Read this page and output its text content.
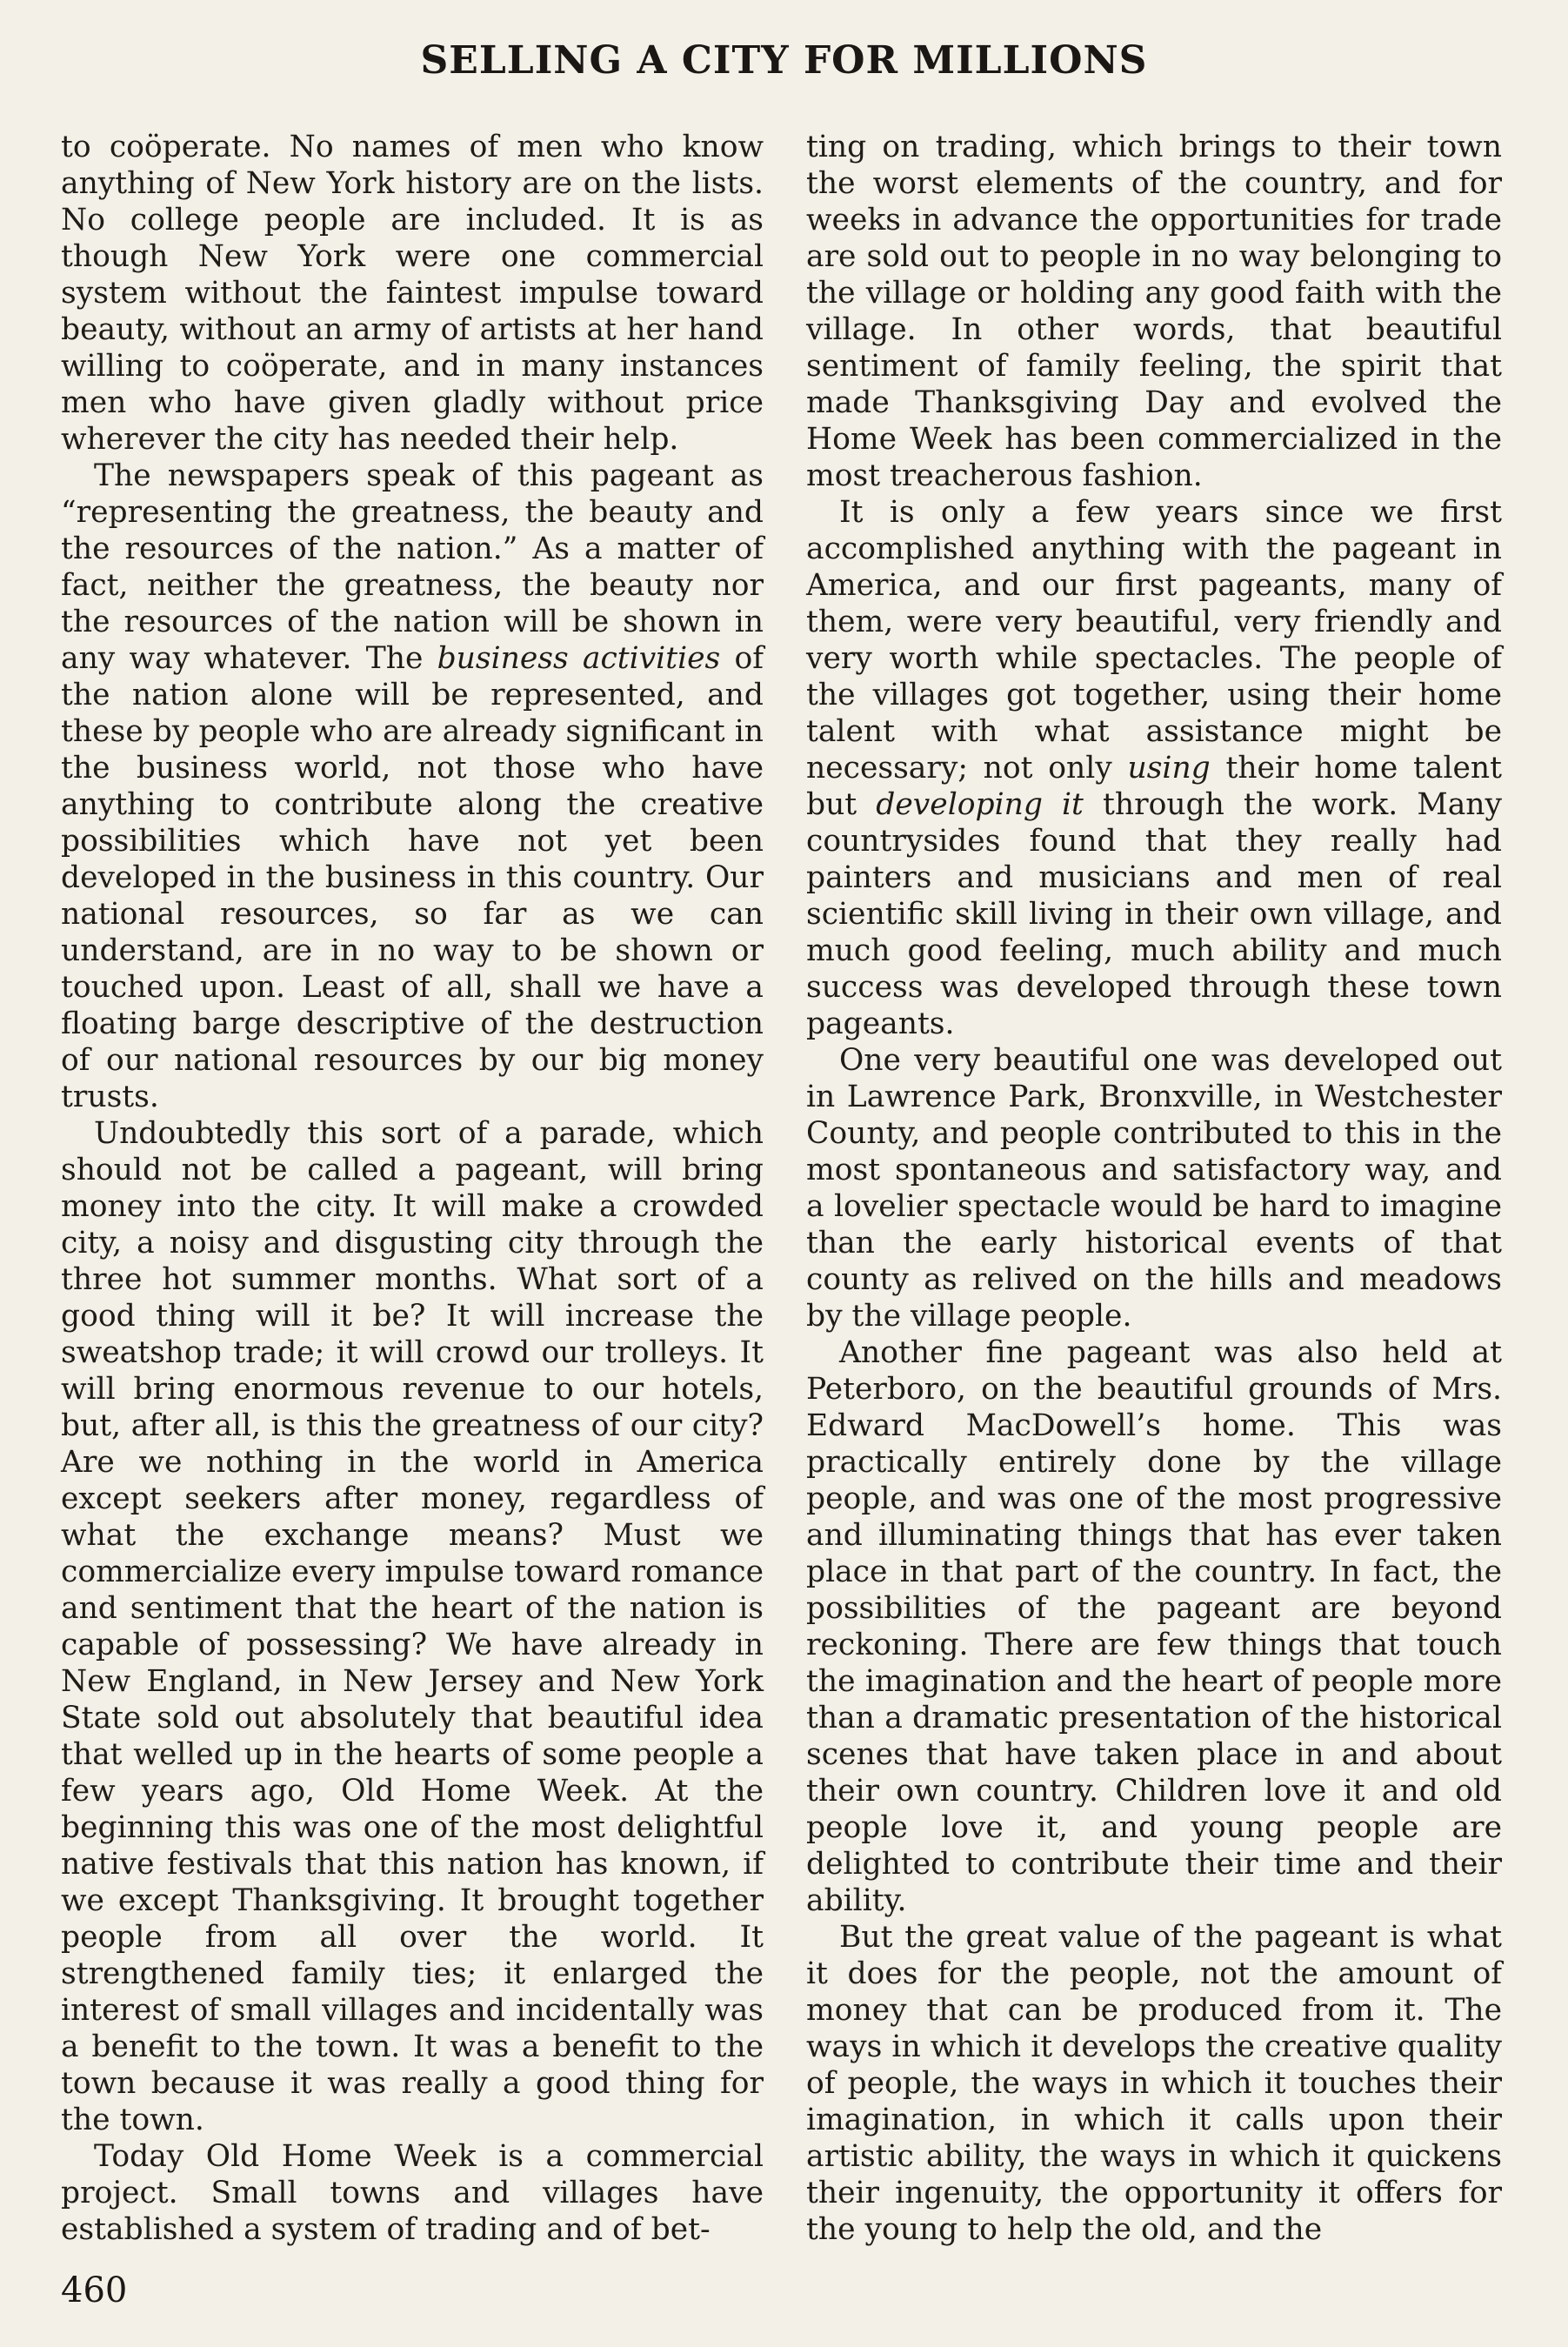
SELLING A CITY FOR MILLIONS

to coöperate. No names of men who know anything of New York history are on the lists. No college people are included. It is as though New York were one commercial system without the faintest impulse toward beauty, without an army of artists at her hand willing to coöperate, and in many instances men who have given gladly without price wherever the city has needed their help.

The newspapers speak of this pageant as “representing the greatness, the beauty and the resources of the nation.” As a matter of fact, neither the greatness, the beauty nor the resources of the nation will be shown in any way whatever. The business activities of the nation alone will be represented, and these by people who are already significant in the business world, not those who have anything to contribute along the creative possibilities which have not yet been developed in the business in this country. Our national resources, so far as we can understand, are in no way to be shown or touched upon. Least of all, shall we have a floating barge descriptive of the destruction of our national resources by our big money trusts.

Undoubtedly this sort of a parade, which should not be called a pageant, will bring money into the city. It will make a crowded city, a noisy and disgusting city through the three hot summer months. What sort of a good thing will it be? It will increase the sweatshop trade; it will crowd our trolleys. It will bring enormous revenue to our hotels, but, after all, is this the greatness of our city? Are we nothing in the world in America except seekers after money, regardless of what the exchange means? Must we commercialize every impulse toward romance and sentiment that the heart of the nation is capable of possessing? We have already in New England, in New Jersey and New York State sold out absolutely that beautiful idea that welled up in the hearts of some people a few years ago, Old Home Week. At the beginning this was one of the most delightful native festivals that this nation has known, if we except Thanksgiving. It brought together people from all over the world. It strengthened family ties; it enlarged the interest of small villages and incidentally was a benefit to the town. It was a benefit to the town because it was really a good thing for the town.

Today Old Home Week is a commercial project. Small towns and villages have established a system of trading and of bet-

ting on trading, which brings to their town the worst elements of the country, and for weeks in advance the opportunities for trade are sold out to people in no way belonging to the village or holding any good faith with the village. In other words, that beautiful sentiment of family feeling, the spirit that made Thanksgiving Day and evolved the Home Week has been commercialized in the most treacherous fashion.

It is only a few years since we first accomplished anything with the pageant in America, and our first pageants, many of them, were very beautiful, very friendly and very worth while spectacles. The people of the villages got together, using their home talent with what assistance might be necessary; not only using their home talent but developing it through the work. Many countrysides found that they really had painters and musicians and men of real scientific skill living in their own village, and much good feeling, much ability and much success was developed through these town pageants.

One very beautiful one was developed out in Lawrence Park, Bronxville, in Westchester County, and people contributed to this in the most spontaneous and satisfactory way, and a lovelier spectacle would be hard to imagine than the early historical events of that county as relived on the hills and meadows by the village people.

Another fine pageant was also held at Peterboro, on the beautiful grounds of Mrs. Edward MacDowell’s home. This was practically entirely done by the village people, and was one of the most progressive and illuminating things that has ever taken place in that part of the country. In fact, the possibilities of the pageant are beyond reckoning. There are few things that touch the imagination and the heart of people more than a dramatic presentation of the historical scenes that have taken place in and about their own country. Children love it and old people love it, and young people are delighted to contribute their time and their ability.

But the great value of the pageant is what it does for the people, not the amount of money that can be produced from it. The ways in which it develops the creative quality of people, the ways in which it touches their imagination, in which it calls upon their artistic ability, the ways in which it quickens their ingenuity, the opportunity it offers for the young to help the old, and the

460
